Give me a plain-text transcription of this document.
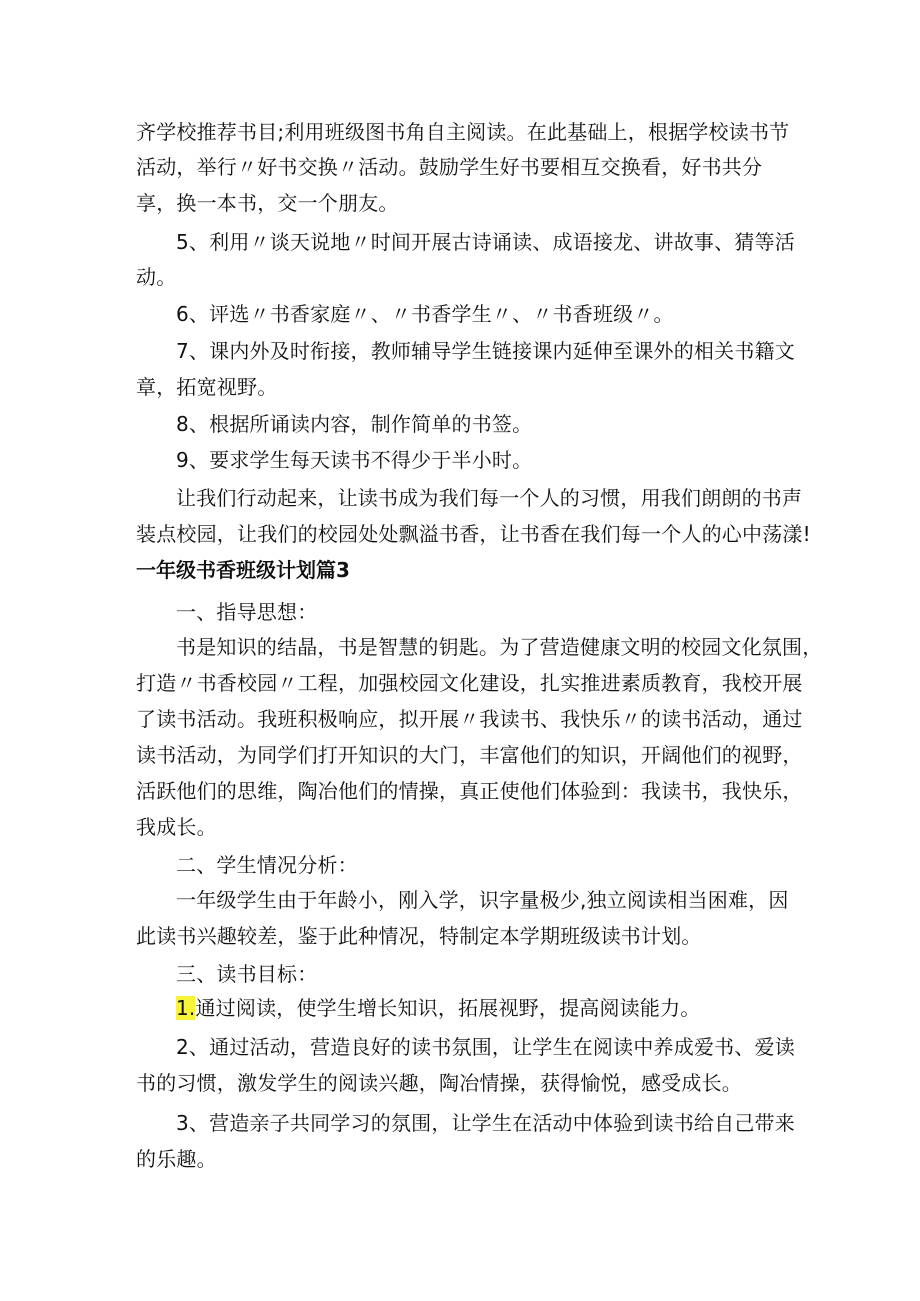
齐学校推荐书目;利用班级图书角自主阅读。在此基础上，根据学校读书节
活动，举行〃好书交换〃活动。鼓励学生好书要相互交换看，好书共分
享，换一本书，交一个朋友。
5、利用〃谈天说地〃时间开展古诗诵读、成语接龙、讲故事、猜等活
动。
6、评选〃书香家庭〃、〃书香学生〃、〃书香班级〃。
7、课内外及时衔接，教师辅导学生链接课内延伸至课外的相关书籍文
章，拓宽视野。
8、根据所诵读内容，制作简单的书签。
9、要求学生每天读书不得少于半小时。
让我们行动起来，让读书成为我们每一个人的习惯，用我们朗朗的书声
装点校园，让我们的校园处处飘溢书香，让书香在我们每一个人的心中荡漾!
一年级书香班级计划篇3
一、指导思想：
书是知识的结晶，书是智慧的钥匙。为了营造健康文明的校园文化氛围，
打造〃书香校园〃工程，加强校园文化建设，扎实推进素质教育，我校开展
了读书活动。我班积极响应，拟开展〃我读书、我快乐〃的读书活动，通过
读书活动，为同学们打开知识的大门，丰富他们的知识，开阔他们的视野，
活跃他们的思维，陶冶他们的情操，真正使他们体验到：我读书，我快乐，
我成长。
二、学生情况分析：
一年级学生由于年龄小，刚入学，识字量极少,独立阅读相当困难，因
此读书兴趣较差，鉴于此种情况，特制定本学期班级读书计划。
三、读书目标：
1.通过阅读，使学生增长知识，拓展视野，提高阅读能力。
2、通过活动，营造良好的读书氛围，让学生在阅读中养成爱书、爱读
书的习惯，激发学生的阅读兴趣，陶冶情操，获得愉悦，感受成长。
3、营造亲子共同学习的氛围，让学生在活动中体验到读书给自己带来
的乐趣。
